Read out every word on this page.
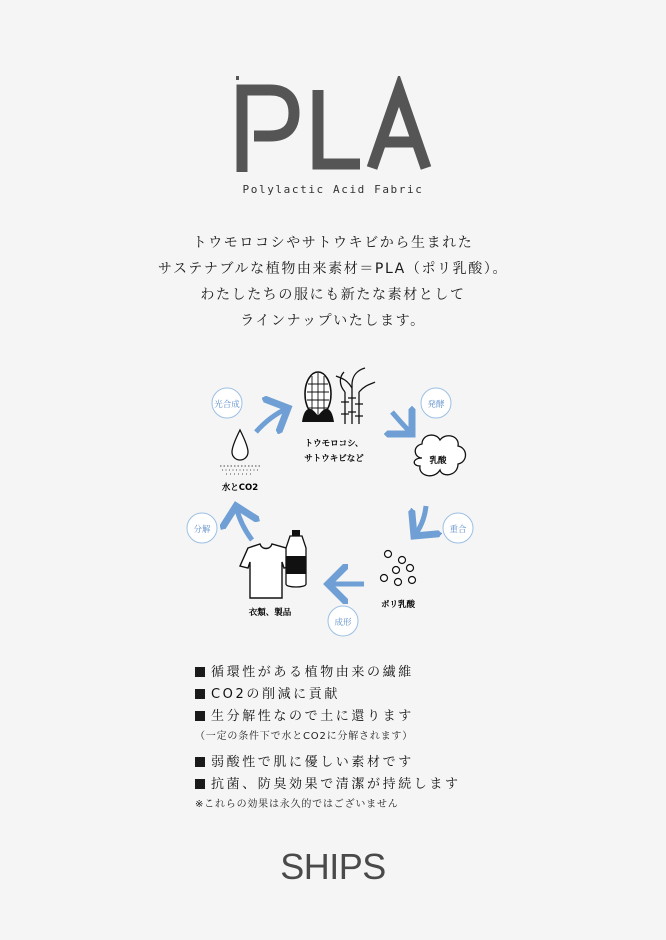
Polylactic Acid Fabric
トウモロコシやサトウキビから生まれた
サステナブルな植物由来素材＝PLA（ポリ乳酸）。
わたしたちの服にも新たな素材として
ラインナップいたします。
トウモロコシ、
サトウキビなど
発酵
乳酸
重合
ポリ乳酸
成形
衣類、製品
分解
水とCO2
光合成
循環性がある植物由来の繊維
CO2の削減に貢献
生分解性なので土に還ります
（一定の条件下で水とCO2に分解されます）
弱酸性で肌に優しい素材です
抗菌、防臭効果で清潔が持続します
※これらの効果は永久的ではございません
SHIPS
